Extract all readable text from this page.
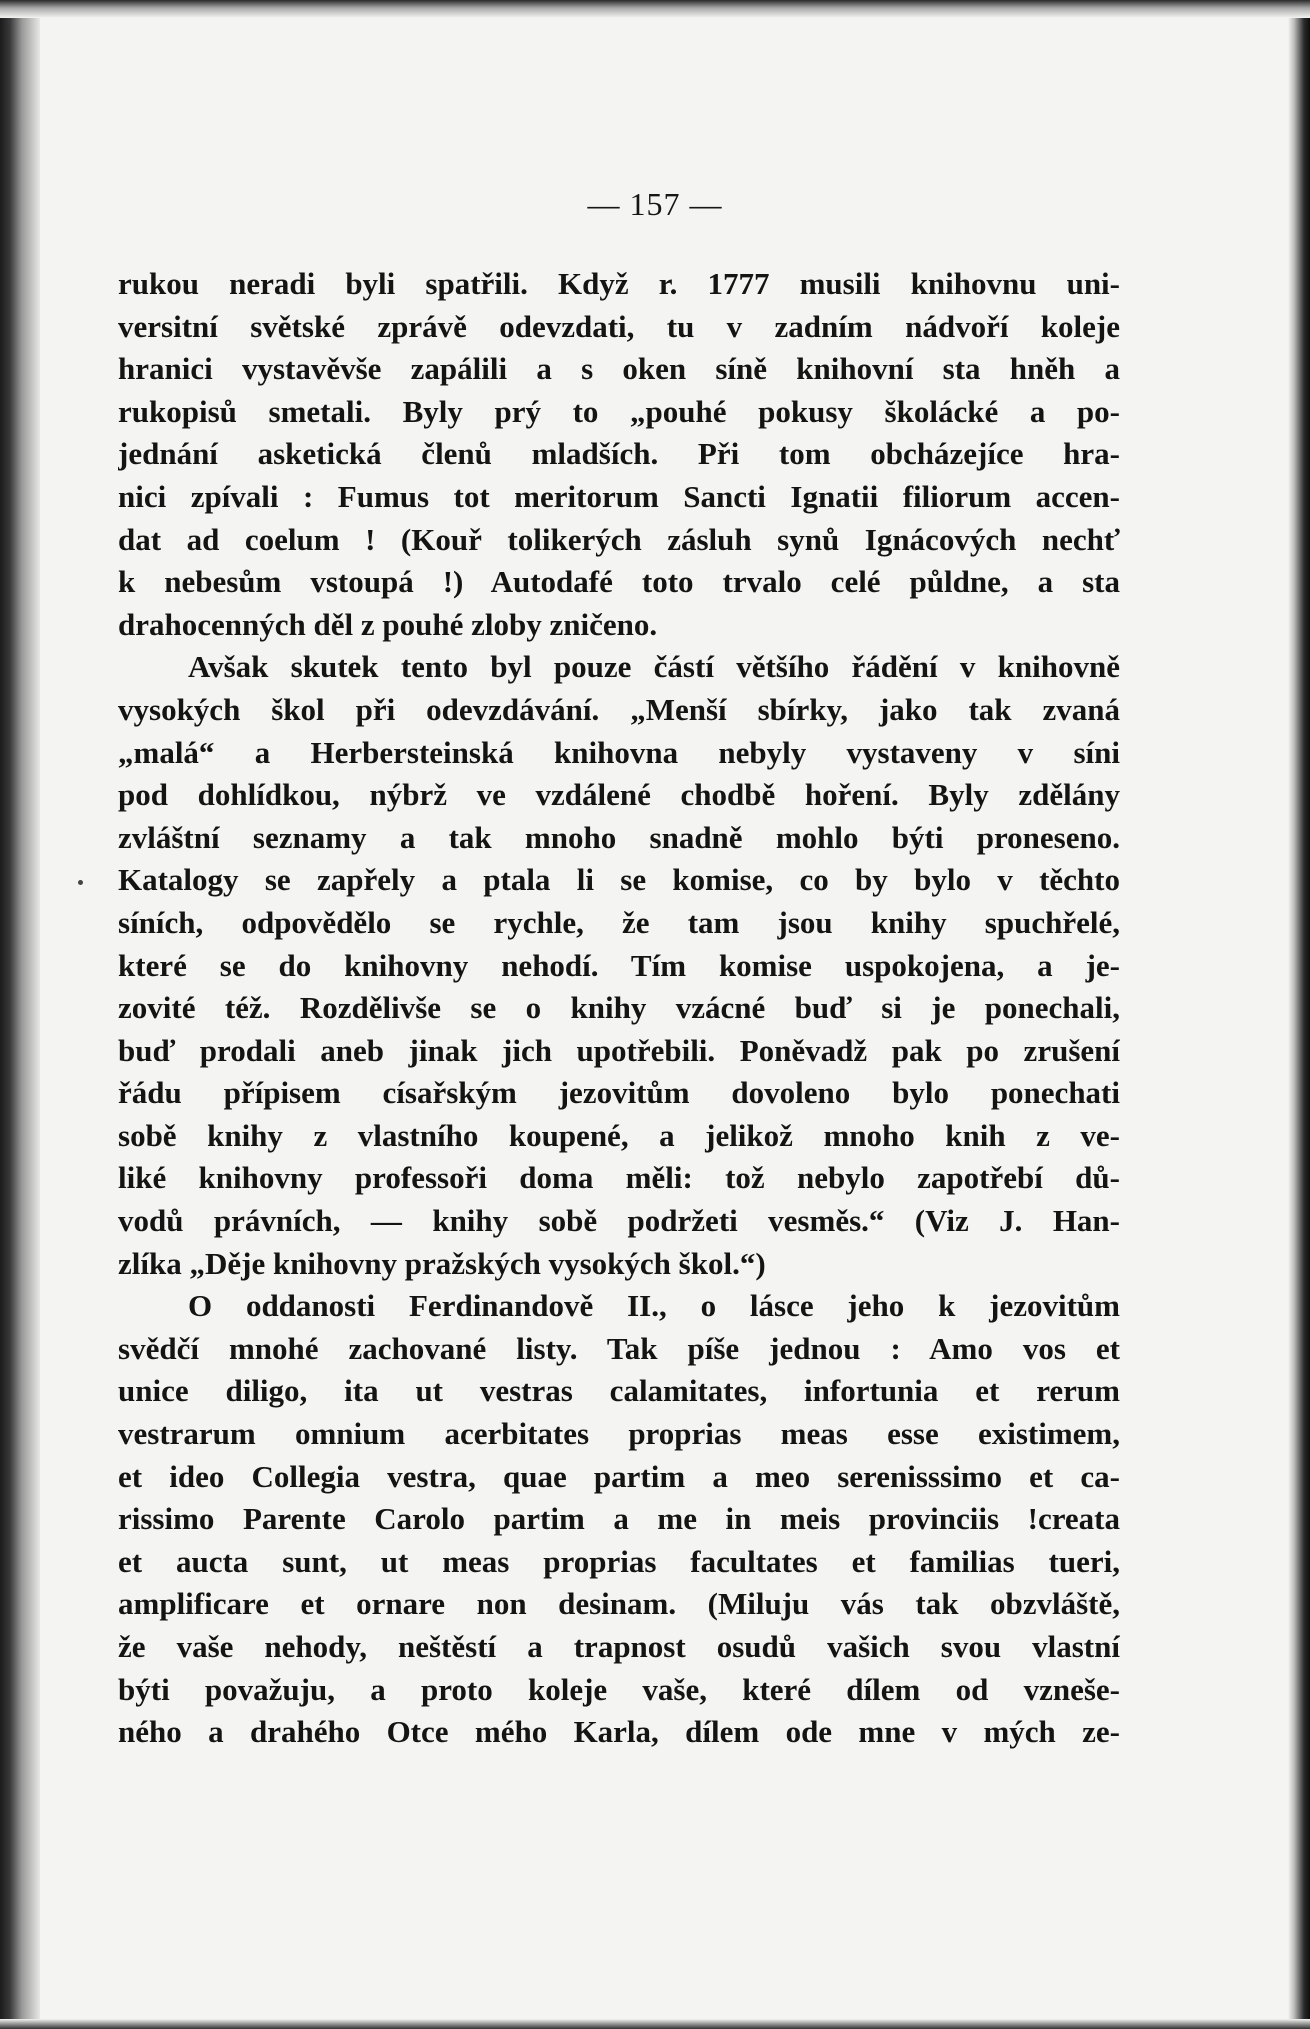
— 157 —
rukou neradi byli spatřili. Když r. 1777 musili knihovnu uni-
versitní světské zprávě odevzdati, tu v zadním nádvoří koleje
hranici vystavěvše zapálili a s oken síně knihovní sta hněh a
rukopisů smetali. Byly prý to „pouhé pokusy školácké a po-
jednání asketická členů mladších. Při tom obcházejíce hra-
nici zpívali : Fumus tot meritorum Sancti Ignatii filiorum accen-
dat ad coelum ! (Kouř tolikerých zásluh synů Ignácových nechť
k nebesům vstoupá !) Autodafé toto trvalo celé půldne, a sta
drahocenných děl z pouhé zloby zničeno.
Avšak skutek tento byl pouze částí většího řádění v knihovně
vysokých škol při odevzdávání. „Menší sbírky, jako tak zvaná
„malá“ a Herbersteinská knihovna nebyly vystaveny v síni
pod dohlídkou, nýbrž ve vzdálené chodbě hoření. Byly zdělány
zvláštní seznamy a tak mnoho snadně mohlo býti proneseno.
Katalogy se zapřely a ptala li se komise, co by bylo v těchto
síních, odpovědělo se rychle, že tam jsou knihy spuchřelé,
které se do knihovny nehodí. Tím komise uspokojena, a je-
zovité též. Rozdělivše se o knihy vzácné buď si je ponechali,
buď prodali aneb jinak jich upotřebili. Poněvadž pak po zrušení
řádu přípisem císařským jezovitům dovoleno bylo ponechati
sobě knihy z vlastního koupené, a jelikož mnoho knih z ve-
liké knihovny professoři doma měli: tož nebylo zapotřebí dů-
vodů právních, — knihy sobě podržeti vesměs.“ (Viz J. Han-
zlíka „Děje knihovny pražských vysokých škol.“)
O oddanosti Ferdinandově II., o lásce jeho k jezovitům
svědčí mnohé zachované listy. Tak píše jednou : Amo vos et
unice diligo, ita ut vestras calamitates, infortunia et rerum
vestrarum omnium acerbitates proprias meas esse existimem,
et ideo Collegia vestra, quae partim a meo serenisssimo et ca-
rissimo Parente Carolo partim a me in meis provinciis !creata
et aucta sunt, ut meas proprias facultates et familias tueri,
amplificare et ornare non desinam. (Miluju vás tak obzvláště,
že vaše nehody, neštěstí a trapnost osudů vašich svou vlastní
býti považuju, a proto koleje vaše, které dílem od vzneše-
ného a drahého Otce mého Karla, dílem ode mne v mých ze-
